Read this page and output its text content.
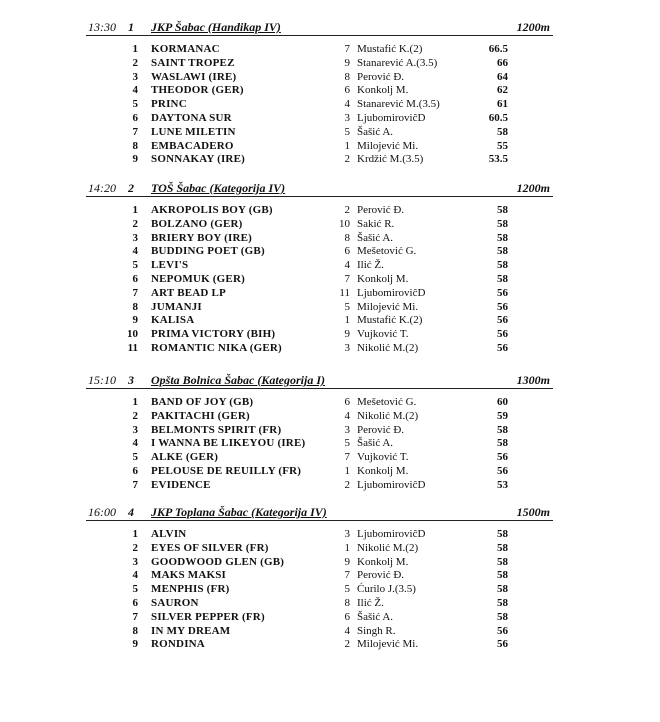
13:30 1 JKP Šabac (Handikap IV)	1200m
1 KORMANAC	7 Mustafić K.(2)	66.5
2 SAINT TROPEZ	9 Stanarević A.(3.5)	66
3 WASLAWI (IRE)	8 Perović Đ.	64
4 THEODOR (GER)	6 Konkolj M.	62
5 PRINC	4 Stanarević M.(3.5)	61
6 DAYTONA SUR	3 LjubomiroviĉD	60.5
7 LUNE MILETIN	5 Šašić A.	58
8 EMBACADERO	1 Milojević Mi.	55
9 SONNAKAY (IRE)	2 Krdžić M.(3.5)	53.5
14:20 2 TOŠ Šabac (Kategorija IV)	1200m
1 AKROPOLIS BOY (GB)	2 Perović Đ.	58
2 BOLZANO (GER)	10 Sakić R.	58
3 BRIERY BOY (IRE)	8 Šašić A.	58
4 BUDDING POET (GB)	6 Mešetović G.	58
5 LEVI'S	4 Ilić Ž.	58
6 NEPOMUK (GER)	7 Konkolj M.	58
7 ART BEAD LP	11 LjubomiroviĉD	56
8 JUMANJI	5 Milojević Mi.	56
9 KALISA	1 Mustafić K.(2)	56
10 PRIMA VICTORY (BIH)	9 Vujković T.	56
11 ROMANTIC NIKA (GER)	3 Nikolić M.(2)	56
15:10 3 Opšta Bolnica Šabac (Kategorija I)	1300m
1 BAND OF JOY (GB)	6 Mešetović G.	60
2 PAKITACHI (GER)	4 Nikolić M.(2)	59
3 BELMONTS SPIRIT (FR)	3 Perović Đ.	58
4 I WANNA BE LIKEYOU (IRE)	5 Šašić A.	58
5 ALKE (GER)	7 Vujković T.	56
6 PELOUSE DE REUILLY (FR)	1 Konkolj M.	56
7 EVIDENCE	2 LjubomiroviĉD	53
16:00 4 JKP Toplana Šabac (Kategorija IV)	1500m
1 ALVIN	3 LjubomiroviĉD	58
2 EYES OF SILVER (FR)	1 Nikolić M.(2)	58
3 GOODWOOD GLEN (GB)	9 Konkolj M.	58
4 MAKS MAKSI	7 Perović Đ.	58
5 MENPHIS (FR)	5 Ćurilo J.(3.5)	58
6 SAURON	8 Ilić Ž.	58
7 SILVER PEPPER (FR)	6 Šašić A.	58
8 IN MY DREAM	4 Singh R.	56
9 RONDINA	2 Milojević Mi.	56
